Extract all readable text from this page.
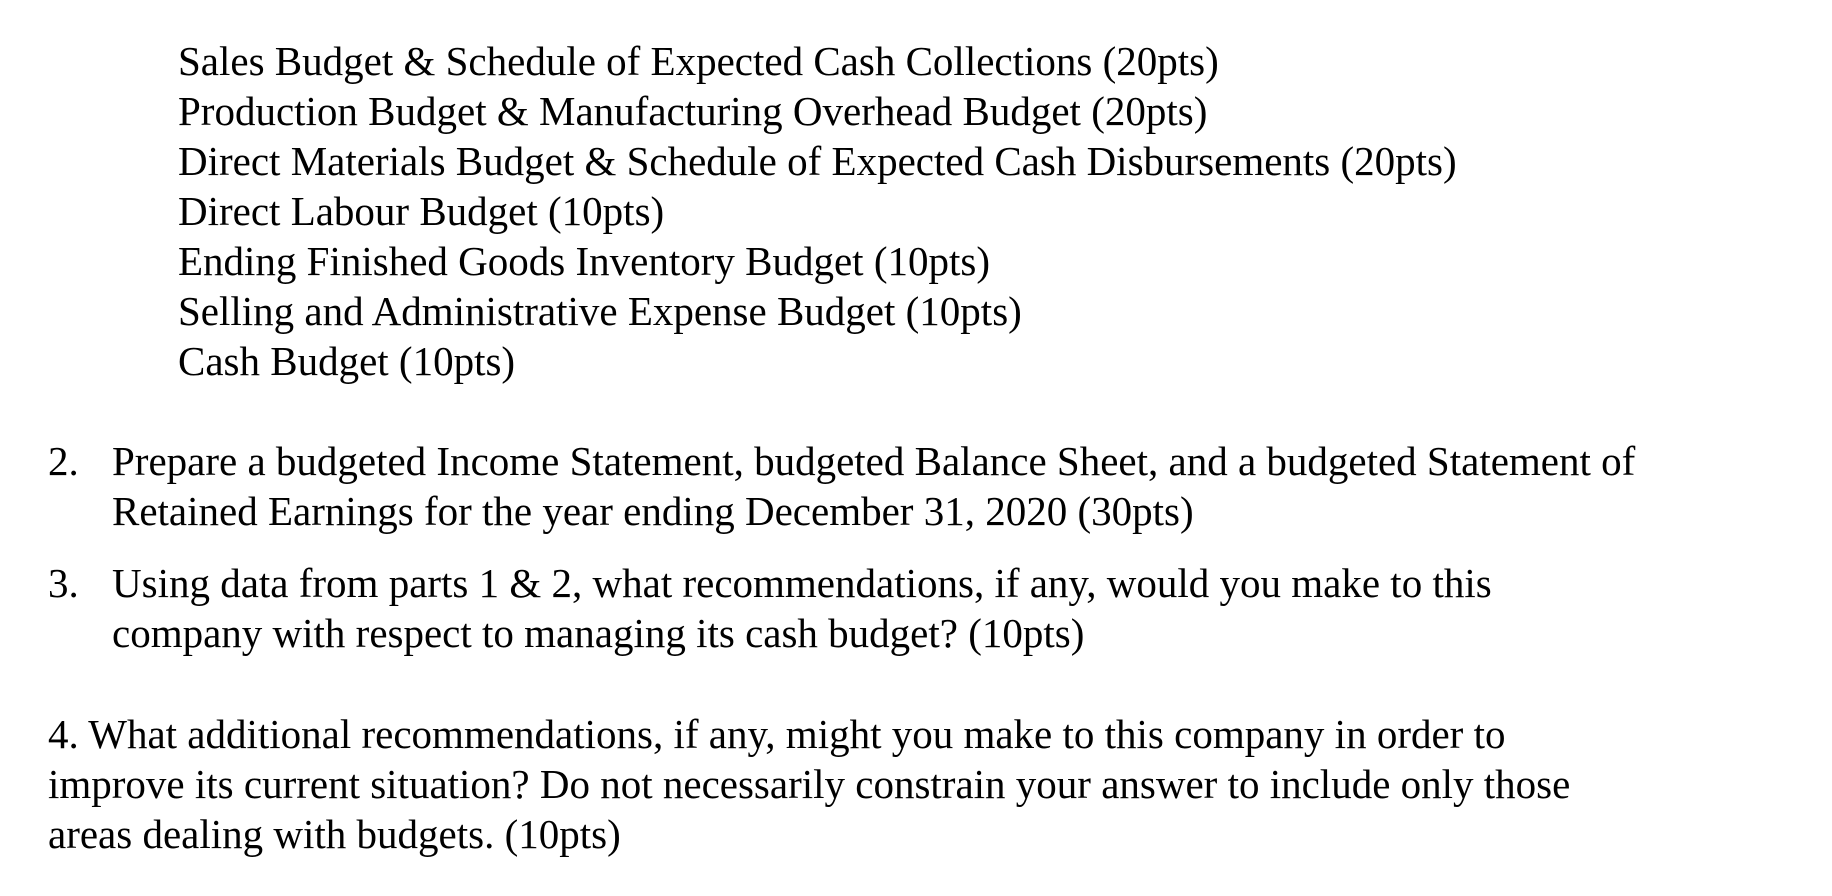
Sales Budget & Schedule of Expected Cash Collections (20pts)
Production Budget & Manufacturing Overhead Budget (20pts)
Direct Materials Budget & Schedule of Expected Cash Disbursements (20pts)
Direct Labour Budget (10pts)
Ending Finished Goods Inventory Budget (10pts)
Selling and Administrative Expense Budget (10pts)
Cash Budget (10pts)
2. Prepare a budgeted Income Statement, budgeted Balance Sheet, and a budgeted Statement of
Retained Earnings for the year ending December 31, 2020 (30pts)
3. Using data from parts 1 & 2, what recommendations, if any, would you make to this
company with respect to managing its cash budget? (10pts)
4. What additional recommendations, if any, might you make to this company in order to
improve its current situation? Do not necessarily constrain your answer to include only those
areas dealing with budgets. (10pts)
